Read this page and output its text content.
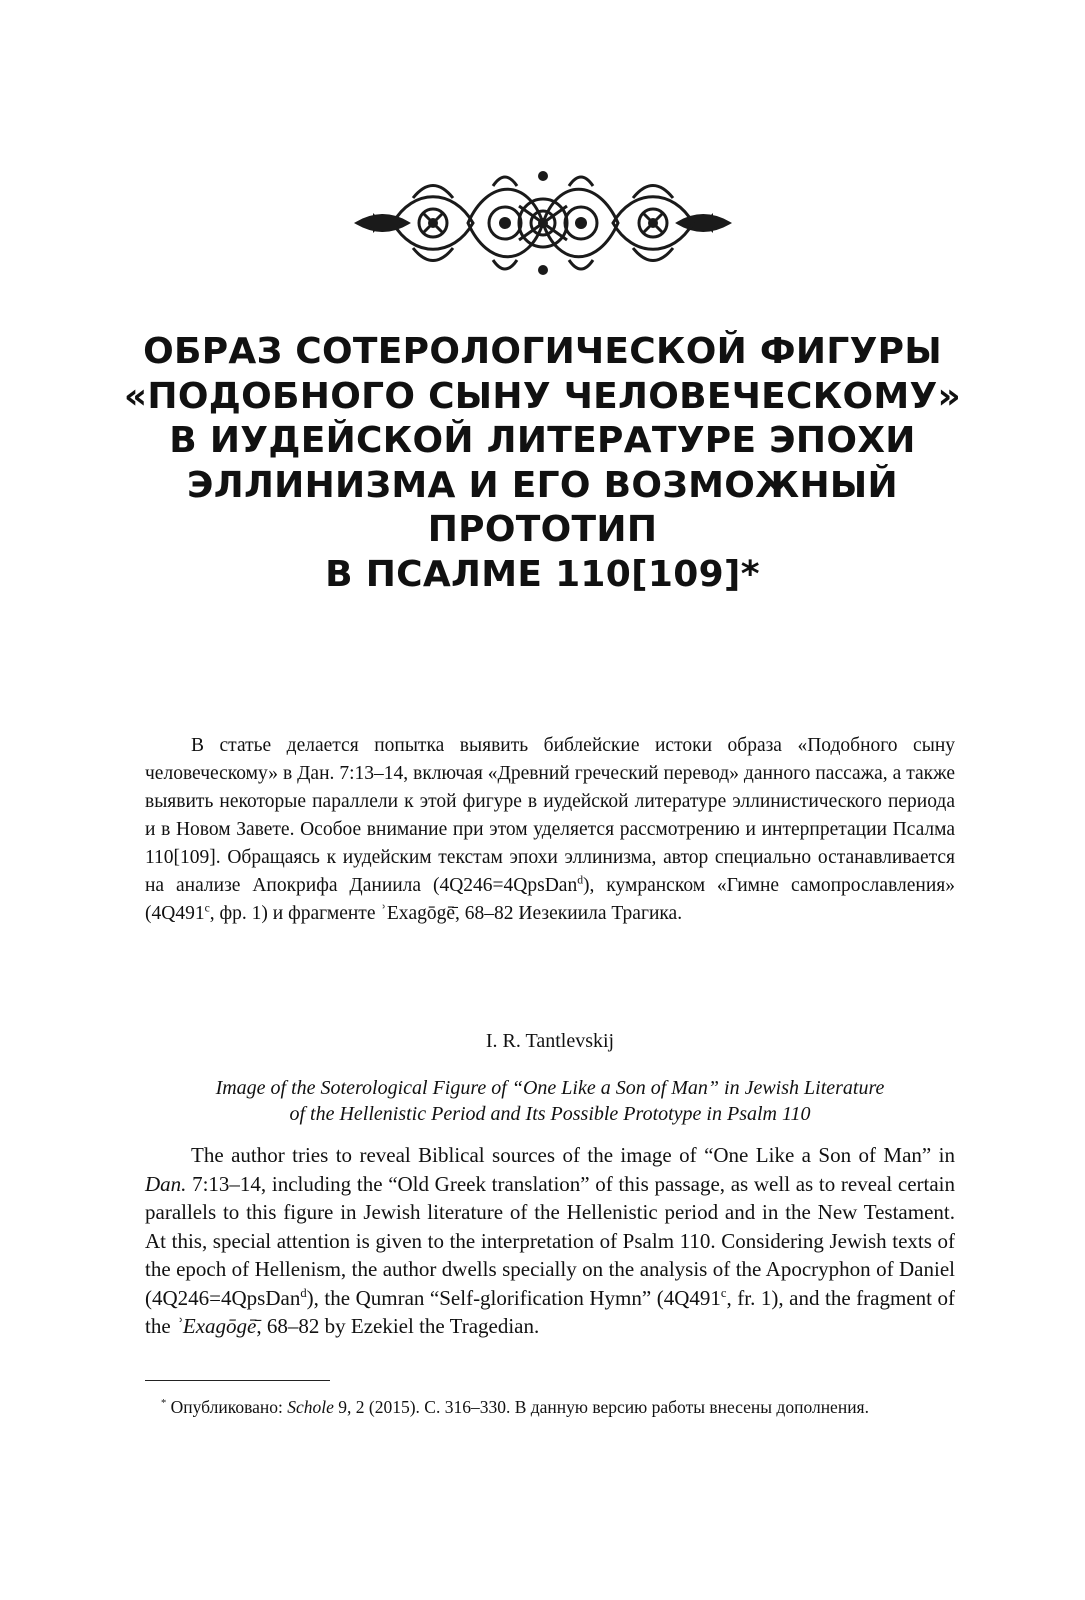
ОБРАЗ СОТЕРОЛОГИЧЕСКОЙ ФИГУРЫ
«ПОДОБНОГО СЫНУ ЧЕЛОВЕЧЕСКОМУ»
В ИУДЕЙСКОЙ ЛИТЕРАТУРЕ ЭПОХИ
ЭЛЛИНИЗМА И ЕГО ВОЗМОЖНЫЙ
ПРОТОТИП
В ПСАЛМЕ 110[109]*

В статье делается попытка выявить библейские истоки образа «Подобного сыну человеческому» в Дан. 7:13–14, включая «Древний греческий перевод» данного пассажа, а также выявить некоторые параллели к этой фигуре в иудейской литературе эллинистического периода и в Новом Завете. Особое внимание при этом уделяется рассмотрению и интерпретации Псалма 110[109]. Обращаясь к иудейским текстам эпохи эллинизма, автор специально останавливается на анализе Апокрифа Даниила (4Q246=4QpsDan$^d$), кумранском «Гимне самопрославления» (4Q491$^c$, фр. 1) и фрагменте ʾExagōgē̄, 68–82 Иезекиила Трагика.

I. R. Tantlevskij

Image of the Soterological Figure of “One Like a Son of Man” in Jewish Literature
of the Hellenistic Period and Its Possible Prototype in Psalm 110

The author tries to reveal Biblical sources of the image of “One Like a Son of Man” in Dan. 7:13–14, including the “Old Greek translation” of this passage, as well as to reveal certain parallels to this figure in Jewish literature of the Hellenistic period and in the New Testament. At this, special attention is given to the interpretation of Psalm 110. Considering Jewish texts of the epoch of Hellenism, the author dwells specially on the analysis of the Apocryphon of Daniel (4Q246=4QpsDan$^d$), the Qumran “Self-glorification Hymn” (4Q491$^c$, fr. 1), and the fragment of the ʾExagōgē̄, 68–82 by Ezekiel the Tragedian.

* Опубликовано: Schole 9, 2 (2015). С. 316–330. В данную версию работы внесены дополнения.
